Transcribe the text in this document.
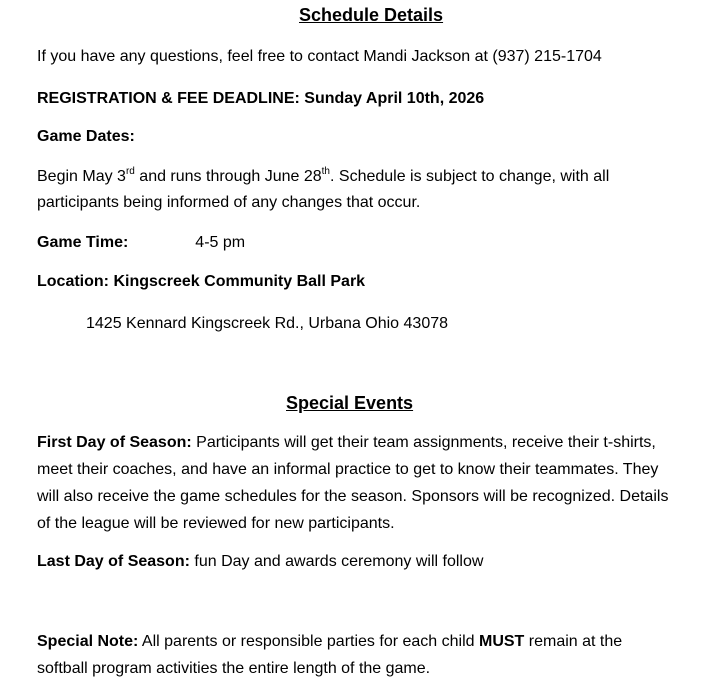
Schedule Details
If you have any questions, feel free to contact Mandi Jackson at (937) 215-1704
REGISTRATION & FEE DEADLINE: Sunday April 10th, 2026
Game Dates:
Begin May 3rd and runs through June 28th. Schedule is subject to change, with all
participants being informed of any changes that occur.
Game Time:	4-5 pm
Location: Kingscreek Community Ball Park
1425 Kennard Kingscreek Rd., Urbana Ohio 43078
Special Events
First Day of Season: Participants will get their team assignments, receive their t-shirts, meet their coaches, and have an informal practice to get to know their teammates. They will also receive the game schedules for the season. Sponsors will be recognized. Details of the league will be reviewed for new participants.
Last Day of Season: fun Day and awards ceremony will follow
Special Note: All parents or responsible parties for each child MUST remain at the softball program activities the entire length of the game.
